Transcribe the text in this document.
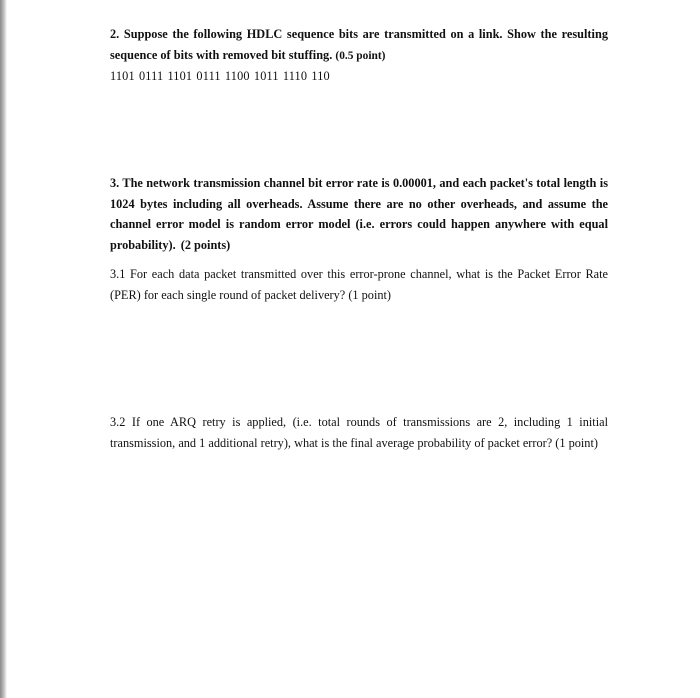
2. Suppose the following HDLC sequence bits are transmitted on a link. Show the resulting sequence of bits with removed bit stuffing. (0.5 point)
1101 0111 1101 0111 1100 1011 1110 110
3. The network transmission channel bit error rate is 0.00001, and each packet's total length is 1024 bytes including all overheads. Assume there are no other overheads, and assume the channel error model is random error model (i.e. errors could happen anywhere with equal probability). (2 points)
3.1 For each data packet transmitted over this error-prone channel, what is the Packet Error Rate (PER) for each single round of packet delivery? (1 point)
3.2 If one ARQ retry is applied, (i.e. total rounds of transmissions are 2, including 1 initial transmission, and 1 additional retry), what is the final average probability of packet error? (1 point)
